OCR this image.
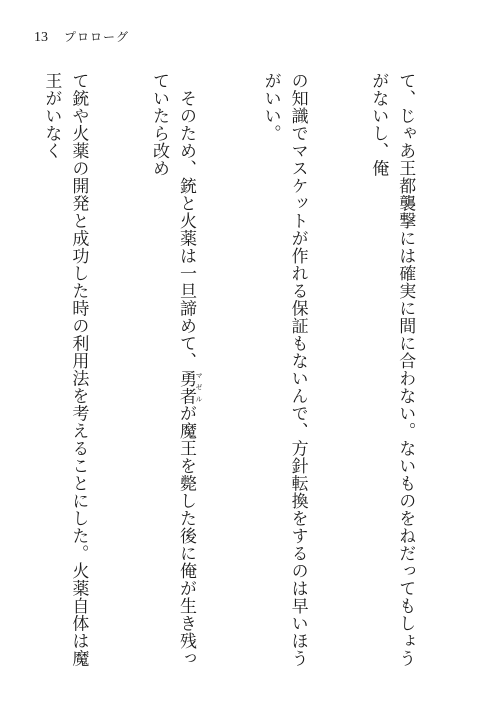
13 プロローグ

て、じゃあ王都襲撃には確実に間に合わない。ないものをねだってもしょうがないし、俺

の知識でマスケットが作れる保証もないんで、方針転換をするのは早いほうがいい。

　そのため、銃と火薬は一旦諦めて、勇者 マゼルが魔王を斃した後に俺が生き残っていたら改め

て銃や火薬の開発と成功した時の利用法を考えることにした。火薬自体は魔王がいなく
